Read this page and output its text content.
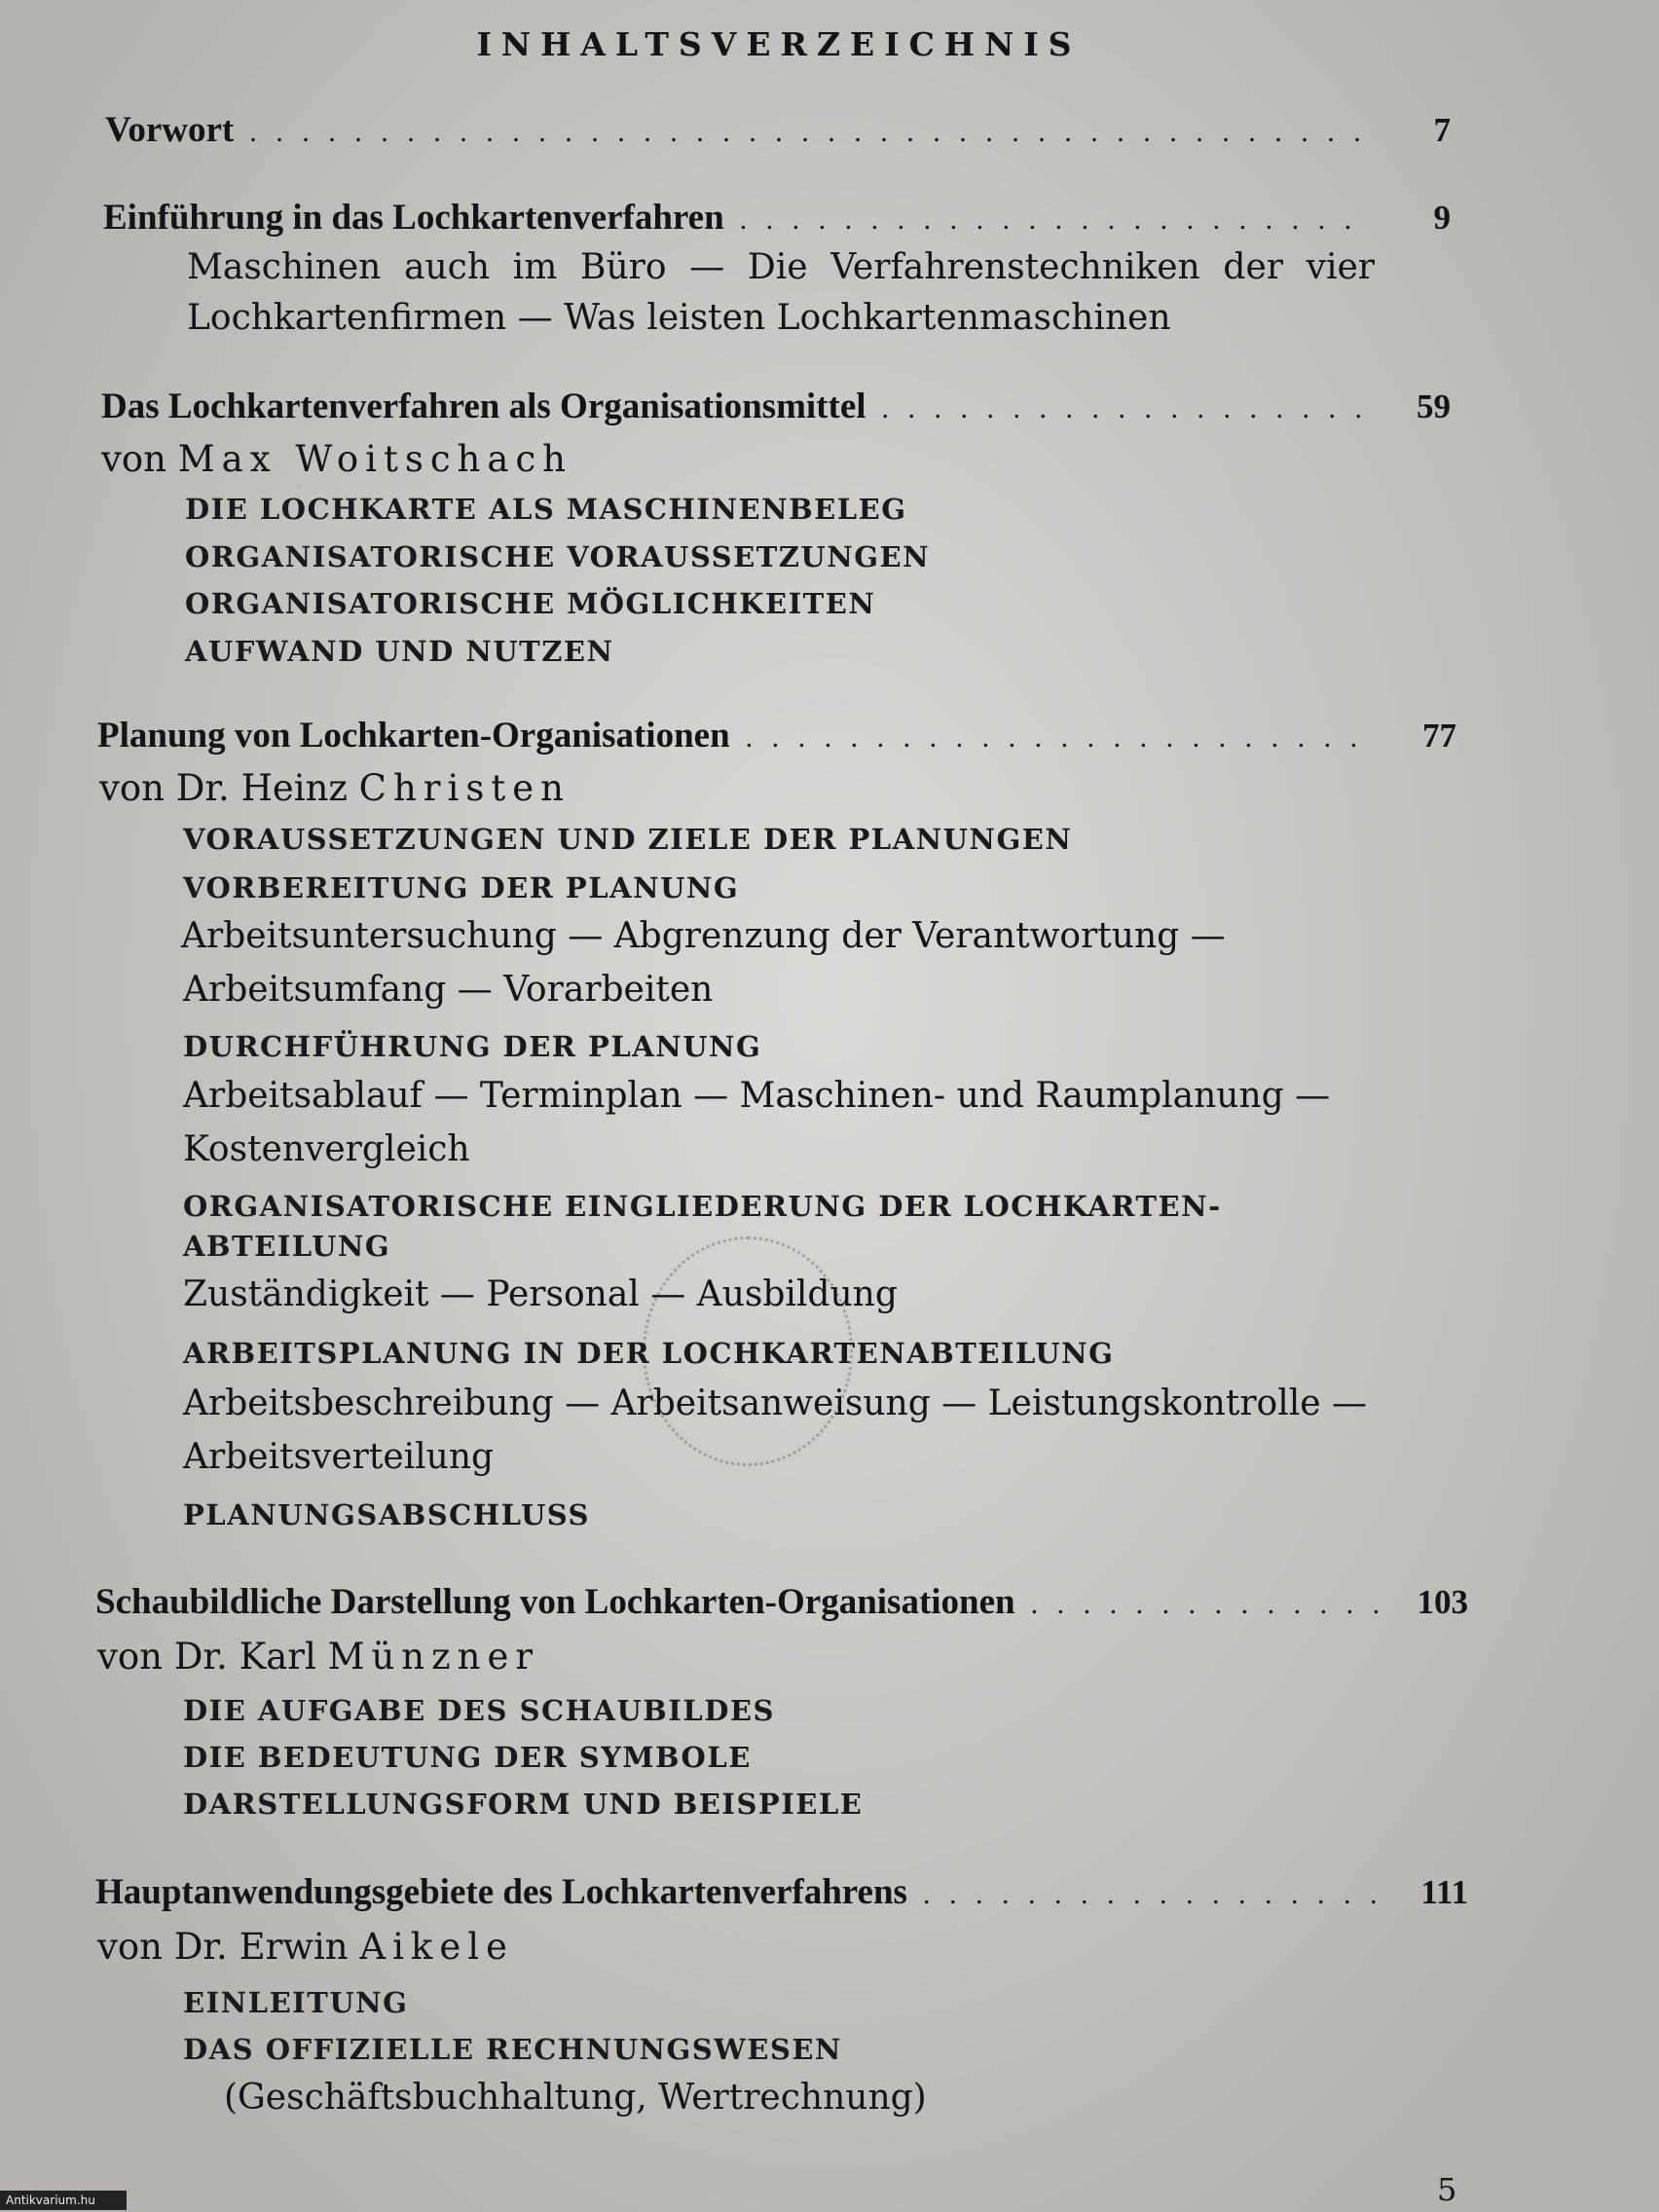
INHALTSVERZEICHNIS
Vorwort . . .	7
Einführung in das Lochkartenverfahren . . .	9
Maschinen auch im Büro — Die Verfahrenstechniken der vier
Lochkartenfirmen — Was leisten Lochkartenmaschinen
Das Lochkartenverfahren als Organisationsmittel . . .	59
von Max Woitschach
DIE LOCHKARTE ALS MASCHINENBELEG
ORGANISATORISCHE VORAUSSETZUNGEN
ORGANISATORISCHE MÖGLICHKEITEN
AUFWAND UND NUTZEN
Planung von Lochkarten-Organisationen . . .	77
von Dr. Heinz Christen
VORAUSSETZUNGEN UND ZIELE DER PLANUNGEN
VORBEREITUNG DER PLANUNG
Arbeitsuntersuchung — Abgrenzung der Verantwortung —
Arbeitsumfang — Vorarbeiten
DURCHFÜHRUNG DER PLANUNG
Arbeitsablauf — Terminplan — Maschinen- und Raumplanung —
Kostenvergleich
ORGANISATORISCHE EINGLIEDERUNG DER LOCHKARTEN-
ABTEILUNG
Zuständigkeit — Personal — Ausbildung
ARBEITSPLANUNG IN DER LOCHKARTENABTEILUNG
Arbeitsbeschreibung — Arbeitsanweisung — Leistungskontrolle —
Arbeitsverteilung
PLANUNGSABSCHLUSS
Schaubildliche Darstellung von Lochkarten-Organisationen . . .	103
von Dr. Karl Münzner
DIE AUFGABE DES SCHAUBILDES
DIE BEDEUTUNG DER SYMBOLE
DARSTELLUNGSFORM UND BEISPIELE
Hauptanwendungsgebiete des Lochkartenverfahrens . . .	111
von Dr. Erwin Aikele
EINLEITUNG
DAS OFFIZIELLE RECHNUNGSWESEN
(Geschäftsbuchhaltung, Wertrechnung)
5
Antikvarium.hu
